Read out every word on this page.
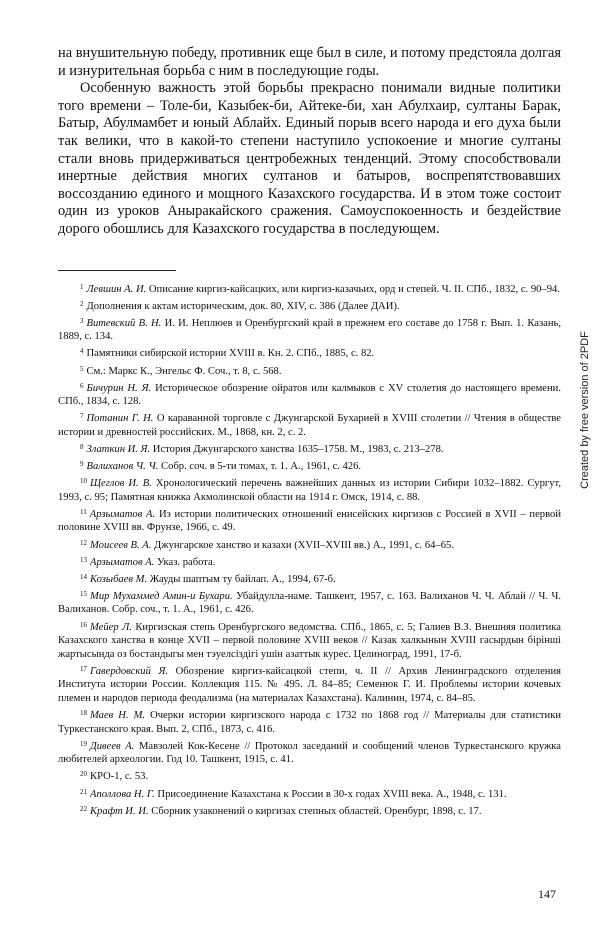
на внушительную победу, противник еще был в силе, и потому предстояла долгая и изнурительная борьба с ним в последующие годы.

Особенную важность этой борьбы прекрасно понимали видные политики того времени – Толе-би, Казыбек-би, Айтеке-би, хан Абулхаир, султаны Барак, Батыр, Абулмамбет и юный Аблайх. Единый порыв всего народа и его духа были так велики, что в какой-то степени наступило успокоение и многие султаны стали вновь придерживаться центробежных тенденций. Этому способствовали инертные действия многих султанов и батыров, воспрепятствовавших воссозданию единого и мощного Казахского государства. И в этом тоже состоит один из уроков Аныракайского сражения. Самоуспокоенность и бездействие дорого обошлись для Казахского государства в последующем.

$^1$ Левшин А. И. Описание киргиз-кайсацких, или киргиз-казачьих, орд и степей. Ч. II. СПб., 1832, с. 90–94.

$^2$ Дополнения к актам историческим, док. 80, XIV, с. 386 (Далее ДАИ).

$^3$ Витевский В. Н. И. И. Неплюев и Оренбургский край в прежнем его составе до 1758 г. Вып. 1. Казань, 1889, с. 134.

$^4$ Памятники сибирской истории XVIII в. Кн. 2. СПб., 1885, с. 82.

$^5$ См.: Маркс К., Энгельс Ф. Соч., т. 8, с. 568.

$^6$ Бичурин Н. Я. Историческое обозрение ойратов или калмыков с XV столетия до настоящего времени. СПб., 1834, с. 128.

$^7$ Потанин Г. Н. О караванной торговле с Джунгарской Бухарией в XVIII столетии // Чтения в обществе истории и древностей российских. М., 1868, кн. 2, с. 2.

$^8$ Златкин И. Я. История Джунгарского ханства 1635–1758. М., 1983, с. 213–278.

$^9$ Валиханов Ч. Ч. Собр. соч. в 5-ти томах, т. 1. А., 1961, с. 426.

$^{10}$ Щеглов И. В. Хронологический перечень важнейших данных из истории Сибири 1032–1882. Сургут, 1993, с. 95; Памятная книжка Акмолинской области на 1914 г. Омск, 1914, с. 88.

$^{11}$ Арзыматов А. Из истории политических отношений енисейских киргизов с Россией в XVII – первой половине XVIII вв. Фрунзе, 1966, с. 49.

$^{12}$ Моисеев В. А. Джунгарское ханство и казахи (XVII–XVIII вв.) А., 1991, с. 64–65.

$^{13}$ Арзыматов А. Указ. работа.

$^{14}$ Козыбаев М. Жауды шаптым ту байлап. А., 1994, 67-б.

$^{15}$ Мир Мухаммед Амин-и Бухари. Убайдулла-наме. Ташкент, 1957, с. 163. Валиханов Ч. Ч. Аблай // Ч. Ч. Валиханов. Собр. соч., т. 1. А., 1961, с. 426.

$^{16}$ Мейер Л. Киргизская степь Оренбургского ведомства. СПб., 1865, с. 5; Галиев В.З. Внешняя политика Казахского ханства в конце XVII – первой половине XVIII веков // Казак халкынын XVIII гасырдын бiрiншi жартысында оз бостандыгы мен тэуелсiздiгi ушiн азаттык курес. Целиноград, 1991, 17-б.

$^{17}$ Гавердовский Я. Обозрение киргиз-кайсацкой степи, ч. II // Архив Ленинградского отделения Института истории России. Коллекция 115. № 495. Л. 84–85; Семенюк Г. И. Проблемы истории кочевых племен и народов периода феодализма (на материалах Казахстана). Калинин, 1974, с. 84–85.

$^{18}$ Маев Н. М. Очерки истории киргизского народа с 1732 по 1868 год // Материалы для статистики Туркестанского края. Вып. 2, СПб., 1873, с. 416.

$^{19}$ Дивеев А. Мавзолей Кок-Кесене // Протокол заседаний и сообщений членов Туркестанского кружка любителей археологии. Год 10. Ташкент, 1915, с. 41.

$^{20}$ КРО-1, с. 53.

$^{21}$ Аполлова Н. Г. Присоединение Казахстана к России в 30-х годах XVIII века. А., 1948, с. 131.

$^{22}$ Крафт И. И. Сборник узаконений о киргизах степных областей. Оренбург, 1898, с. 17.

147
Created by free version of 2PDF
